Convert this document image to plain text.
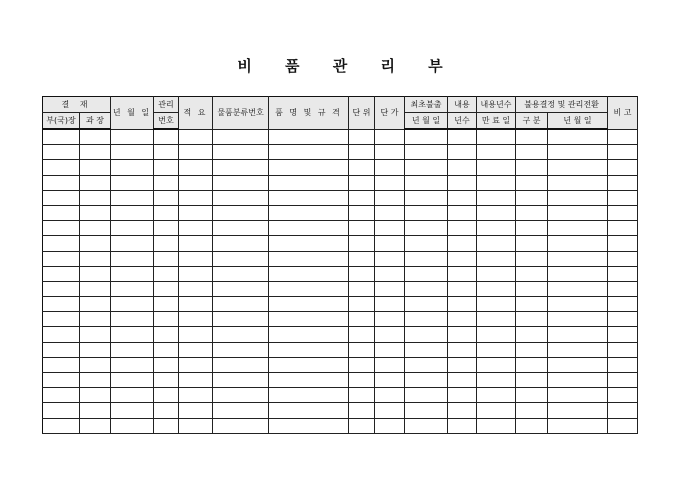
비 품 관 리 부
결 재		년 월 일	관리	적 요	물품분류번호	품 명 및 규 격	단 위	단 가	최초불출	내용	내용년수	불용결정 및 관리전환		비 고
부(국)장	과 장		번호						년 월 일	년수	만 료 일	구 분	년 월 일	
